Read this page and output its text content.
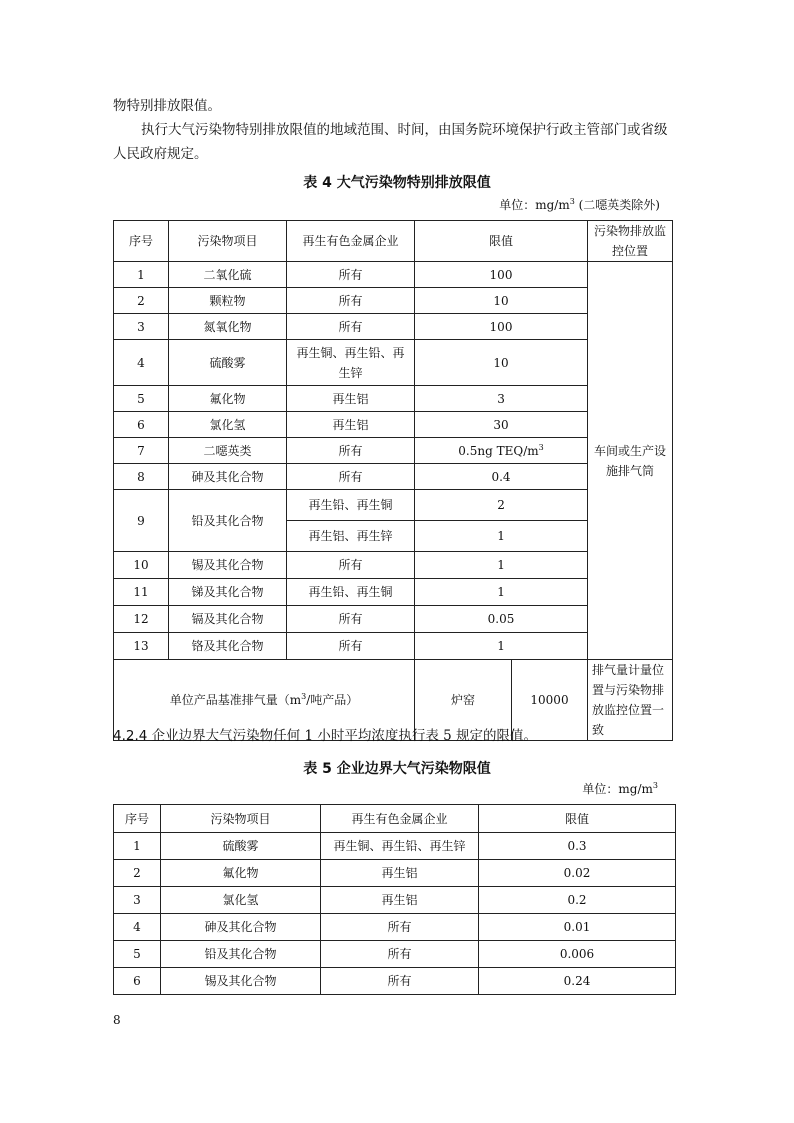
物特别排放限值。
执行大气污染物特别排放限值的地域范围、时间，由国务院环境保护行政主管部门或省级人民政府规定。
表 4 大气污染物特别排放限值
单位：$mg/m^3$ (二噁英类除外)
序号	污染物项目	再生有色金属企业	限值		污染物排放监控位置
1	二氧化硫	所有	100		车间或生产设施排气筒
2	颗粒物	所有	10		
3	氮氧化物	所有	100		
4	硫酸雾	再生铜、再生铅、再生锌	10		
5	氟化物	再生铝	3		
6	氯化氢	再生铝	30		
7	二噁英类	所有	0.5ng TEQ/$m^3$
8	砷及其化合物	所有	0.4		
9	铅及其化合物	再生铅、再生铜	2		
		再生铝、再生锌	1		
10	锡及其化合物	所有	1		
11	锑及其化合物	再生铅、再生铜	1		
12	镉及其化合物	所有	0.05		
13	铬及其化合物	所有	1		
单位产品基准排气量（$m^3/$吨产品）			炉窑	10000	排气量计量位置与污染物排放监控位置一致
4.2.4 企业边界大气污染物任何 1 小时平均浓度执行表 5 规定的限值。
表 5 企业边界大气污染物限值
单位：$mg/m^3$
序号	污染物项目	再生有色金属企业	限值
1	硫酸雾	再生铜、再生铅、再生锌	0.3
2	氟化物	再生铝	0.02
3	氯化氢	再生铝	0.2
4	砷及其化合物	所有	0.01
5	铅及其化合物	所有	0.006
6	锡及其化合物	所有	0.24
8
